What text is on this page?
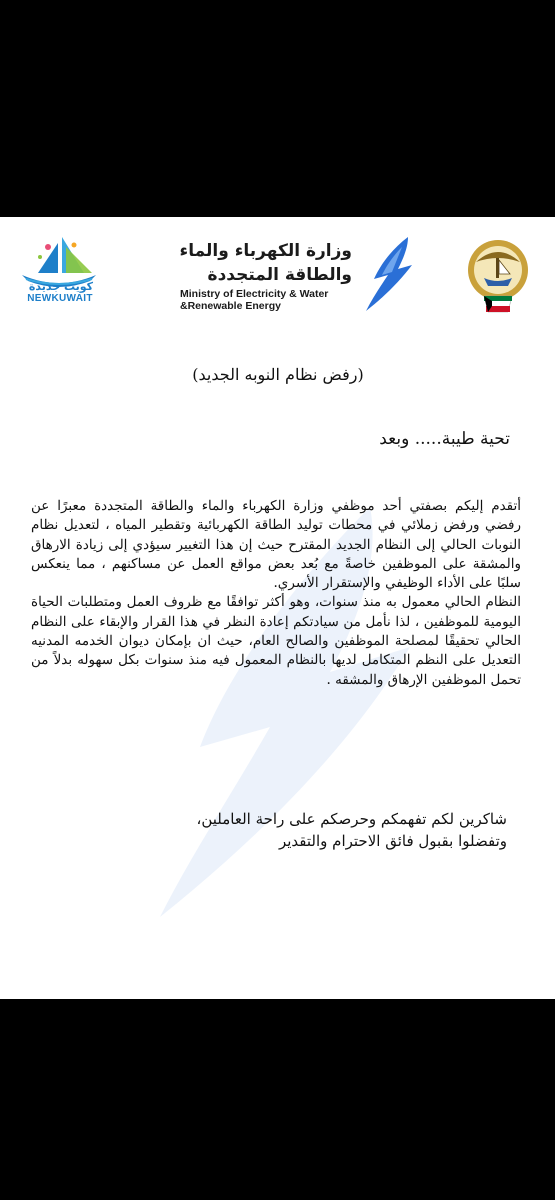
وزارة الكهرباء والماء
والطاقة المتجددة
Ministry of Electricity & Water
&Renewable Energy
كويت جديدة
NEWKUWAIT
(رفض نظام النوبه الجديد)
تحية طيبة..... وبعد

أتقدم إليكم بصفتي أحد موظفي وزارة الكهرباء والماء والطاقة المتجددة معبرًا عن رفضي ورفض زملائي في محطات توليد الطاقة الكهربائية وتقطير المياه ، لتعديل نظام النوبات الحالي إلى النظام الجديد المقترح حيث إن هذا التغيير سيؤدي إلى زيادة الارهاق والمشقة على الموظفين خاصةً مع بُعد بعض مواقع العمل عن مساكنهم ، مما ينعكس سلبًا على الأداء الوظيفي والإستقرار الأسري.

النظام الحالي معمول به منذ سنوات، وهو أكثر توافقًا مع ظروف العمل ومتطلبات الحياة اليومية للموظفين ، لذا نأمل من سيادتكم إعادة النظر في هذا القرار والإبقاء على النظام الحالي تحقيقًا لمصلحة الموظفين والصالح العام، حيث ان بإمكان ديوان الخدمه المدنيه التعديل على النظم المتكامل لديها بالنظام المعمول فيه منذ سنوات بكل سهوله بدلاً من تحمل الموظفين الإرهاق والمشقه .

شاكرين لكم تفهمكم وحرصكم على راحة العاملين،

وتفضلوا بقبول فائق الاحترام والتقدير
